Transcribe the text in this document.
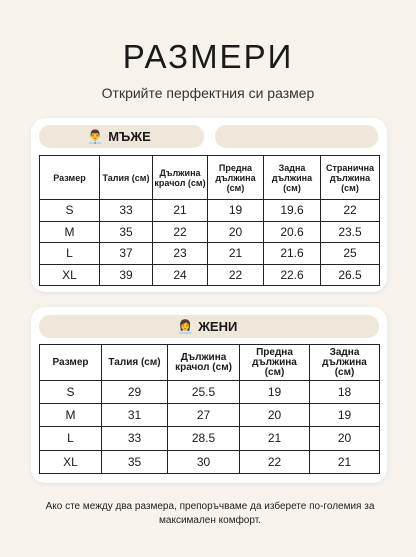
РАЗМЕРИ
Открийте перфектния си размер
👨‍💼 МЪЖЕ
Размер	Талия (см)	Дължина крачол (см)	Предна дължина (см)	Задна дължина (см)	Странична дължина (см)
S	33	21	19	19.6	22
M	35	22	20	20.6	23.5
L	37	23	21	21.6	25
XL	39	24	22	22.6	26.5
👩‍💼 ЖЕНИ
Размер	Талия (см)	Дължина крачол (см)	Предна дължина (см)	Задна дължина (см)
S	29	25.5	19	18
M	31	27	20	19
L	33	28.5	21	20
XL	35	30	22	21
Ако сте между два размера, препоръчваме да изберете по-големия за максимален комфорт.
